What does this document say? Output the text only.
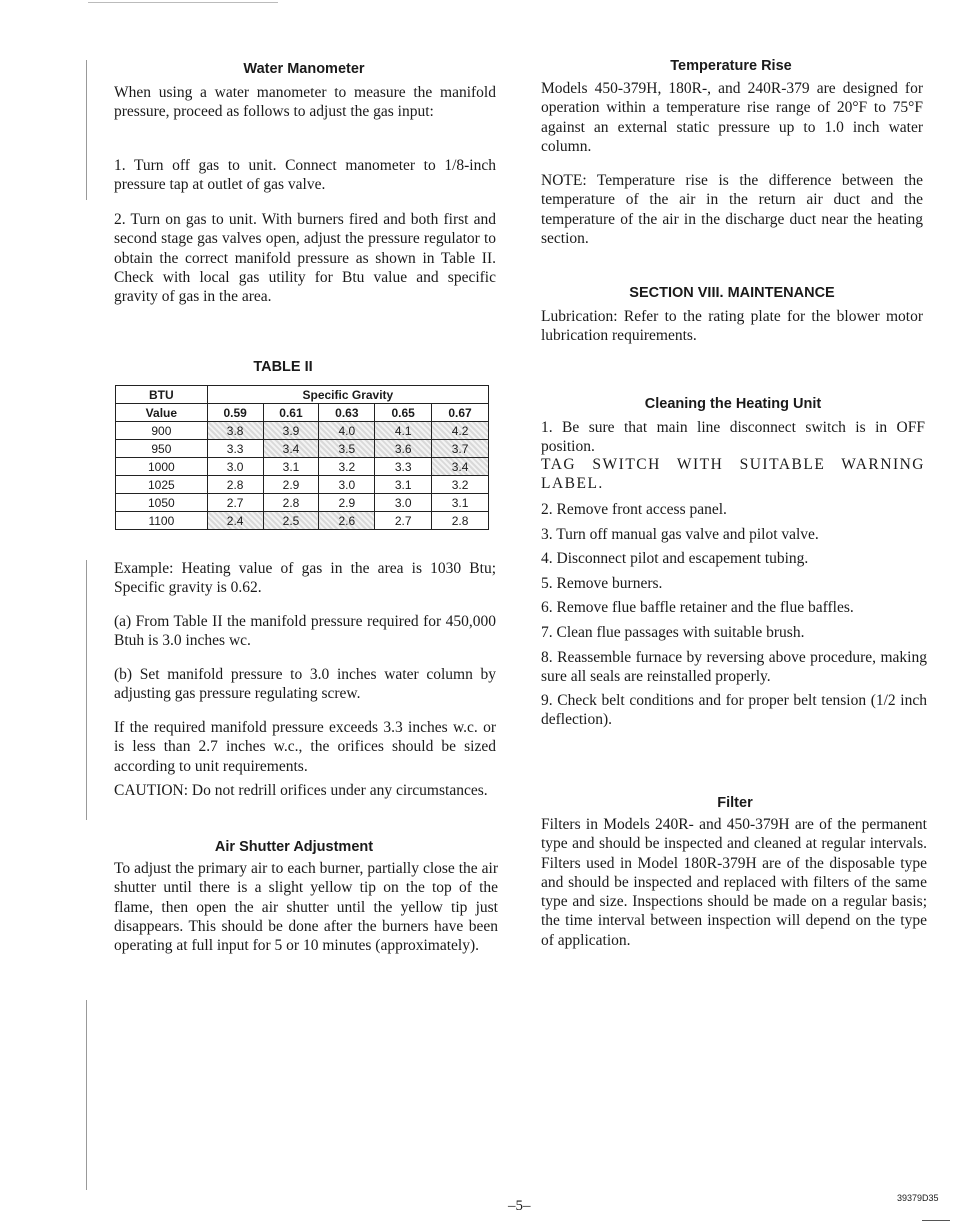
Water Manometer

When using a water manometer to measure the manifold pressure, proceed as follows to adjust the gas input:

1. Turn off gas to unit. Connect manometer to 1/8-inch pressure tap at outlet of gas valve.

2. Turn on gas to unit. With burners fired and both first and second stage gas valves open, adjust the pressure regulator to obtain the correct manifold pressure as shown in Table II. Check with local gas utility for Btu value and specific gravity of gas in the area.

TABLE II
BTU	Specific Gravity				
Value	0.59	0.61	0.63	0.65	0.67
900	3.8	3.9	4.0	4.1	4.2
950	3.3	3.4	3.5	3.6	3.7
1000	3.0	3.1	3.2	3.3	3.4
1025	2.8	2.9	3.0	3.1	3.2
1050	2.7	2.8	2.9	3.0	3.1
1100	2.4	2.5	2.6	2.7	2.8

Example: Heating value of gas in the area is 1030 Btu; Specific gravity is 0.62.

(a) From Table II the manifold pressure required for 450,000 Btuh is 3.0 inches wc.

(b) Set manifold pressure to 3.0 inches water column by adjusting gas pressure regulating screw.

If the required manifold pressure exceeds 3.3 inches w.c. or is less than 2.7 inches w.c., the orifices should be sized according to unit requirements.

CAUTION: Do not redrill orifices under any circumstances.

Air Shutter Adjustment

To adjust the primary air to each burner, partially close the air shutter until there is a slight yellow tip on the top of the flame, then open the air shutter until the yellow tip just disappears. This should be done after the burners have been operating at full input for 5 or 10 minutes (approximately).

Temperature Rise

Models 450-379H, 180R-, and 240R-379 are designed for operation within a temperature rise range of 20°F to 75°F against an external static pressure up to 1.0 inch water column.

NOTE: Temperature rise is the difference between the temperature of the air in the return air duct and the temperature of the air in the discharge duct near the heating section.

SECTION VIII. MAINTENANCE

Lubrication: Refer to the rating plate for the blower motor lubrication requirements.

Cleaning the Heating Unit

1. Be sure that main line disconnect switch is in OFF position.

TAG SWITCH WITH SUITABLE WARNING LABEL.

2. Remove front access panel.

3. Turn off manual gas valve and pilot valve.

4. Disconnect pilot and escapement tubing.

5. Remove burners.

6. Remove flue baffle retainer and the flue baffles.

7. Clean flue passages with suitable brush.

8. Reassemble furnace by reversing above procedure, making sure all seals are reinstalled properly.

9. Check belt conditions and for proper belt tension (1/2 inch deflection).

Filter

Filters in Models 240R- and 450-379H are of the permanent type and should be inspected and cleaned at regular intervals. Filters used in Model 180R-379H are of the disposable type and should be inspected and replaced with filters of the same type and size. Inspections should be made on a regular basis; the time interval between inspection will depend on the type of application.

–5–	39379D35
